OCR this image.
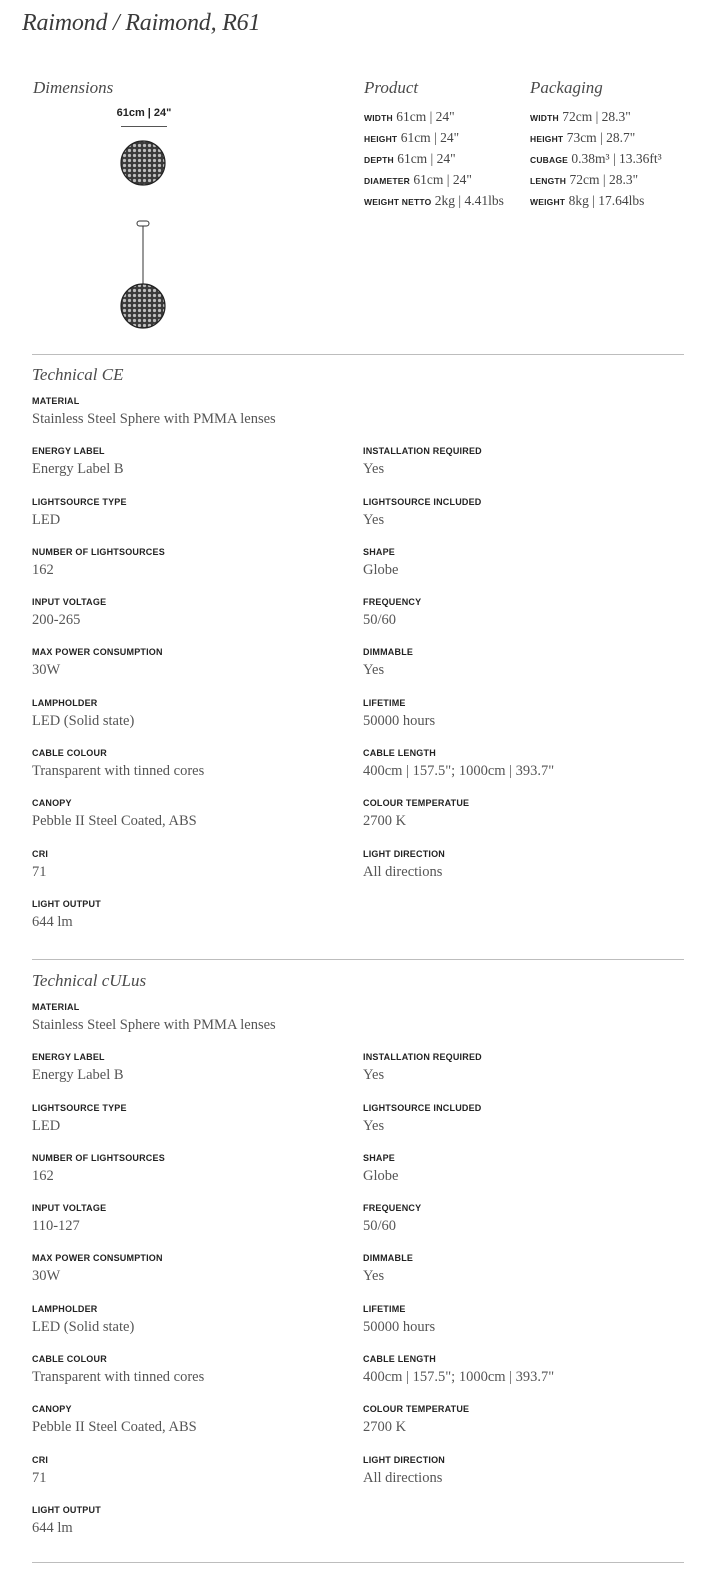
Raimond / Raimond, R61
Dimensions
61cm | 24"
Product
WIDTH 61cm | 24"
HEIGHT 61cm | 24"
DEPTH 61cm | 24"
DIAMETER 61cm | 24"
WEIGHT NETTO 2kg | 4.41lbs
Packaging
WIDTH 72cm | 28.3"
HEIGHT 73cm | 28.7"
CUBAGE 0.38m³ | 13.36ft³
LENGTH 72cm | 28.3"
WEIGHT 8kg | 17.64lbs
Technical CE
MATERIAL
Stainless Steel Sphere with PMMA lenses
ENERGY LABEL
Energy Label B
INSTALLATION REQUIRED
Yes
LIGHTSOURCE TYPE
LED
LIGHTSOURCE INCLUDED
Yes
NUMBER OF LIGHTSOURCES
162
SHAPE
Globe
INPUT VOLTAGE
200-265
FREQUENCY
50/60
MAX POWER CONSUMPTION
30W
DIMMABLE
Yes
LAMPHOLDER
LED (Solid state)
LIFETIME
50000 hours
CABLE COLOUR
Transparent with tinned cores
CABLE LENGTH
400cm | 157.5"; 1000cm | 393.7"
CANOPY
Pebble II Steel Coated, ABS
COLOUR TEMPERATUE
2700 K
CRI
71
LIGHT DIRECTION
All directions
LIGHT OUTPUT
644 lm
Technical cULus
MATERIAL
Stainless Steel Sphere with PMMA lenses
ENERGY LABEL
Energy Label B
INSTALLATION REQUIRED
Yes
LIGHTSOURCE TYPE
LED
LIGHTSOURCE INCLUDED
Yes
NUMBER OF LIGHTSOURCES
162
SHAPE
Globe
INPUT VOLTAGE
110-127
FREQUENCY
50/60
MAX POWER CONSUMPTION
30W
DIMMABLE
Yes
LAMPHOLDER
LED (Solid state)
LIFETIME
50000 hours
CABLE COLOUR
Transparent with tinned cores
CABLE LENGTH
400cm | 157.5"; 1000cm | 393.7"
CANOPY
Pebble II Steel Coated, ABS
COLOUR TEMPERATUE
2700 K
CRI
71
LIGHT DIRECTION
All directions
LIGHT OUTPUT
644 lm
